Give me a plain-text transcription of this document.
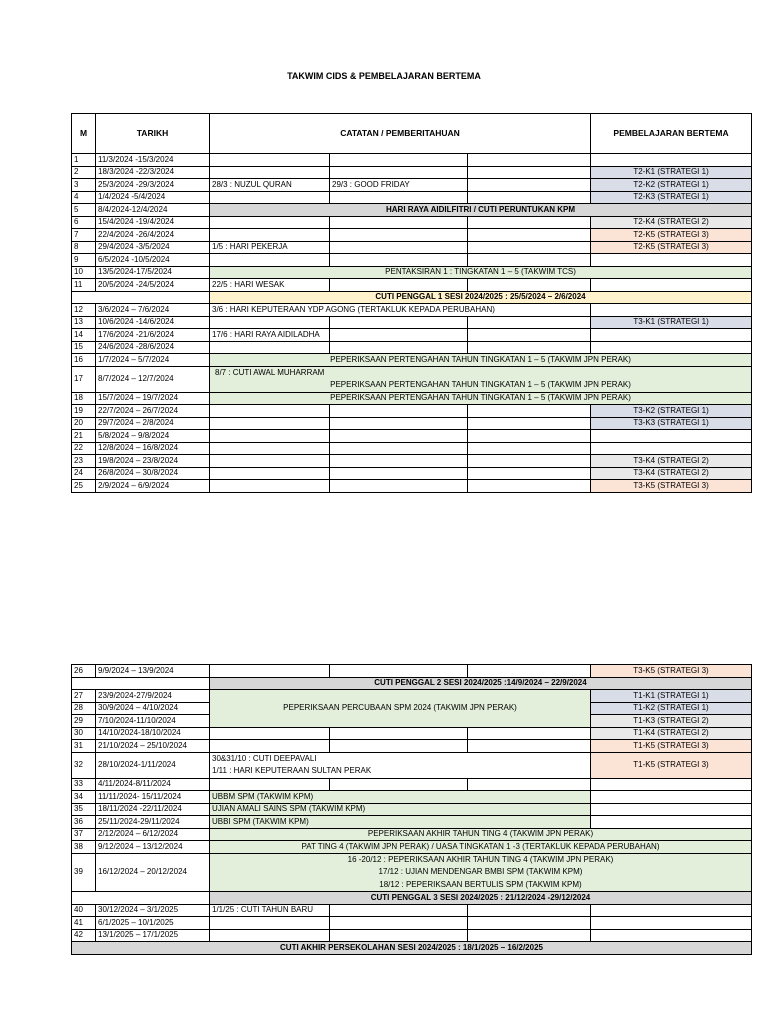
TAKWIM CIDS & PEMBELAJARAN BERTEMA
M	TARIKH	CATATAN / PEMBERITAHUAN			PEMBELAJARAN BERTEMA
1	11/3/2024 -15/3/2024				
2	18/3/2024 -22/3/2024				T2-K1 (STRATEGI 1)
3	25/3/2024 -29/3/2024	28/3 : NUZUL QURAN	29/3 : GOOD FRIDAY		T2-K2 (STRATEGI 1)
4	1/4/2024 -5/4/2024				T2-K3 (STRATEGI 1)
5	8/4/2024-12/4/2024	HARI RAYA AIDILFITRI / CUTI PERUNTUKAN KPM			
6	15/4/2024 -19/4/2024				T2-K4 (STRATEGI 2)
7	22/4/2024 -26/4/2024				T2-K5 (STRATEGI 3)
8	29/4/2024 -3/5/2024	1/5 : HARI PEKERJA			T2-K5 (STRATEGI 3)
9	6/5/2024 -10/5/2024				
10	13/5/2024-17/5/2024	PENTAKSIRAN 1 : TINGKATAN 1 – 5 (TAKWIM TCS)			
11	20/5/2024 -24/5/2024	22/5 : HARI WESAK			
		CUTI PENGGAL 1 SESI 2024/2025 : 25/5/2024 – 2/6/2024			
12	3/6/2024 – 7/6/2024	3/6 : HARI KEPUTERAAN YDP AGONG (TERTAKLUK KEPADA PERUBAHAN)			
13	10/6/2024 -14/6/2024				T3-K1 (STRATEGI 1)
14	17/6/2024 -21/6/2024	17/6 : HARI RAYA AIDILADHA			
15	24/6/2024 -28/6/2024				
16	1/7/2024 – 5/7/2024	PEPERIKSAAN PERTENGAHAN TAHUN TINGKATAN 1 – 5 (TAKWIM JPN PERAK)			
17	8/7/2024 – 12/7/2024	8/7 : CUTI AWAL MUHARRAM
PEPERIKSAAN PERTENGAHAN TAHUN TINGKATAN 1 – 5 (TAKWIM JPN PERAK)			

18	15/7/2024 – 19/7/2024	PEPERIKSAAN PERTENGAHAN TAHUN TINGKATAN 1 – 5 (TAKWIM JPN PERAK)			
19	22/7/2024 – 26/7/2024				T3-K2 (STRATEGI 1)
20	29/7/2024 – 2/8/2024				T3-K3 (STRATEGI 1)
21	5/8/2024 – 9/8/2024				
22	12/8/2024 – 16/8/2024				
23	19/8/2024 – 23/8/2024				T3-K4 (STRATEGI 2)
24	26/8/2024 – 30/8/2024				T3-K4 (STRATEGI 2)
25	2/9/2024 – 6/9/2024				T3-K5 (STRATEGI 3)
26	9/9/2024 – 13/9/2024				T3-K5 (STRATEGI 3)
		CUTI PENGGAL 2 SESI 2024/2025 :14/9/2024 – 22/9/2024			
27	23/9/2024-27/9/2024	PEPERIKSAAN PERCUBAAN SPM 2024 (TAKWIM JPN PERAK)			T1-K1 (STRATEGI 1)
28	30/9/2024 – 4/10/2024				T1-K2 (STRATEGI 1)
29	7/10/2024-11/10/2024				T1-K3 (STRATEGI 2)
30	14/10/2024-18/10/2024				T1-K4 (STRATEGI 2)
31	21/10/2024 – 25/10/2024				T1-K5 (STRATEGI 3)
32	28/10/2024-1/11/2024	30&31/10 : CUTI DEEPAVALI
1/11 : HARI KEPUTERAAN SULTAN PERAK			T1-K5 (STRATEGI 3)
33	4/11/2024-8/11/2024				
34	11/11/2024- 15/11/2024	UBBM SPM (TAKWIM KPM)			
35	18/11/2024 -22/11/2024	UJIAN AMALI SAINS SPM (TAKWIM KPM)			
36	25/11/2024-29/11/2024	UBBI SPM (TAKWIM KPM)			
37	2/12/2024 – 6/12/2024	PEPERIKSAAN AKHIR TAHUN TING 4 (TAKWIM JPN PERAK)			
38	9/12/2024 – 13/12/2024	PAT TING 4 (TAKWIM JPN PERAK) / UASA TINGKATAN 1 -3 (TERTAKLUK KEPADA PERUBAHAN)			
39	16/12/2024 – 20/12/2024	16 -20/12 : PEPERIKSAAN AKHIR TAHUN TING 4 (TAKWIM JPN PERAK)
17/12 : UJIAN MENDENGAR BMBI SPM (TAKWIM KPM)
18/12 : PEPERIKSAAN BERTULIS SPM (TAKWIM KPM)			

		CUTI PENGGAL 3 SESI 2024/2025 : 21/12/2024 -29/12/2024			
40	30/12/2024 – 3/1/2025	1/1/25 : CUTI TAHUN BARU			
41	6/1/2025 – 10/1/2025				
42	13/1/2025 – 17/1/2025				
CUTI AKHIR PERSEKOLAHAN SESI 2024/2025 : 18/1/2025 – 16/2/2025					
